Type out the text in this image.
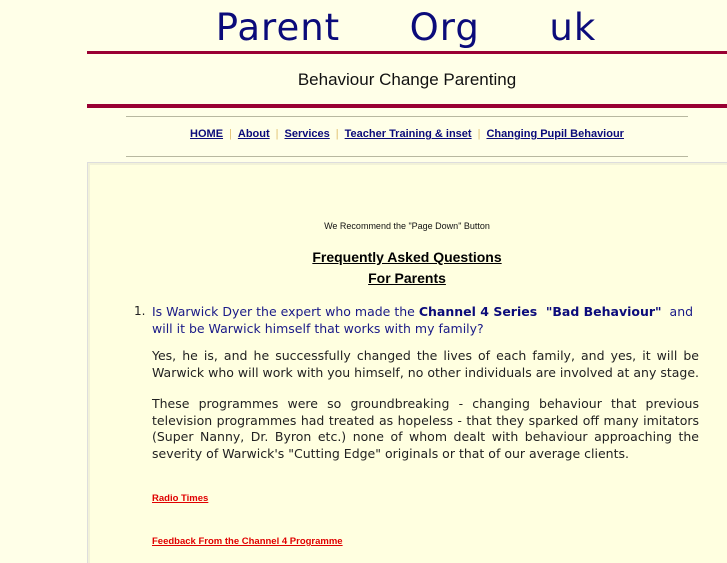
Parent  Org  uk
Behaviour Change Parenting
HOME | About | Services | Teacher Training & inset | Changing Pupil Behaviour
We Recommend the "Page Down" Button
Frequently Asked Questions
For Parents
1. Is Warwick Dyer the expert who made the Channel 4 Series  "Bad Behaviour" and will it be Warwick himself that works with my family?
Yes, he is, and he successfully changed the lives of each family, and yes, it will be Warwick who will work with you himself, no other individuals are involved at any stage.
These programmes were so groundbreaking - changing behaviour that previous television programmes had treated as hopeless - that they sparked off many imitators (Super Nanny, Dr. Byron etc.) none of whom dealt with behaviour approaching the severity of Warwick's "Cutting Edge" originals or that of our average clients.
Radio Times
Feedback From the Channel 4 Programme
